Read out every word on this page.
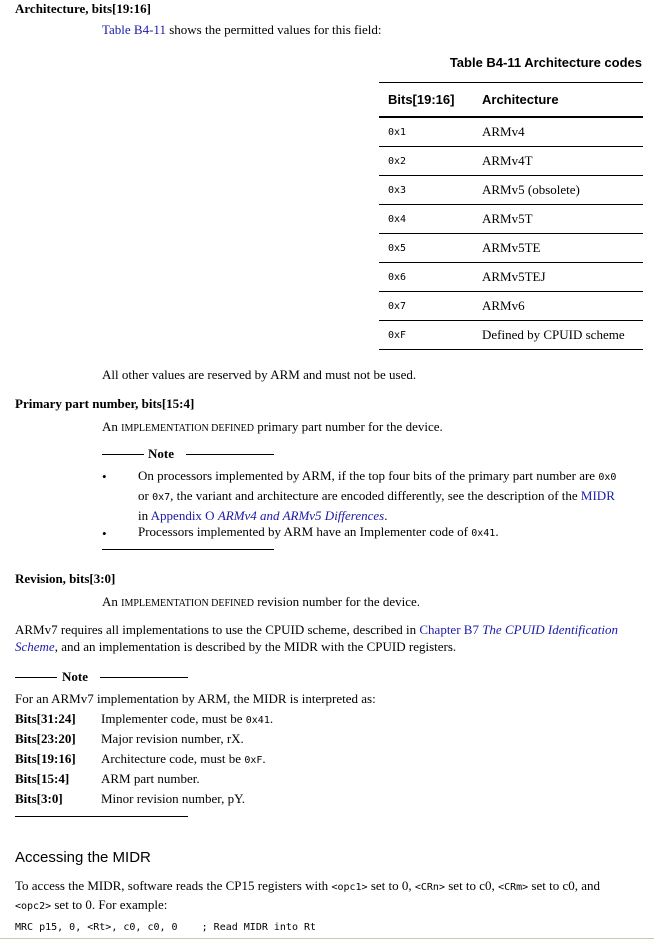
Architecture, bits[19:16]
Table B4-11 shows the permitted values for this field:
Table B4-11 Architecture codes
Bits[19:16]	Architecture
0x1	ARMv4
0x2	ARMv4T
0x3	ARMv5 (obsolete)
0x4	ARMv5T
0x5	ARMv5TE
0x6	ARMv5TEJ
0x7	ARMv6
0xF	Defined by CPUID scheme
All other values are reserved by ARM and must not be used.
Primary part number, bits[15:4]
An IMPLEMENTATION DEFINED primary part number for the device.
Note
• On processors implemented by ARM, if the top four bits of the primary part number are 0x0
or 0x7, the variant and architecture are encoded differently, see the description of the MIDR
in Appendix O ARMv4 and ARMv5 Differences.
• Processors implemented by ARM have an Implementer code of 0x41.
Revision, bits[3:0]
An IMPLEMENTATION DEFINED revision number for the device.
ARMv7 requires all implementations to use the CPUID scheme, described in Chapter B7 The CPUID Identification
Scheme, and an implementation is described by the MIDR with the CPUID registers.
Note
For an ARMv7 implementation by ARM, the MIDR is interpreted as:
Bits[31:24] Implementer code, must be 0x41.
Bits[23:20] Major revision number, rX.
Bits[19:16] Architecture code, must be 0xF.
Bits[15:4] ARM part number.
Bits[3:0]	Minor revision number, pY.
Accessing the MIDR
To access the MIDR, software reads the CP15 registers with <opc1> set to 0, <CRn> set to c0, <CRm> set to c0, and
<opc2> set to 0. For example:
MRC p15, 0, <Rt>, c0, c0, 0    ; Read MIDR into Rt
